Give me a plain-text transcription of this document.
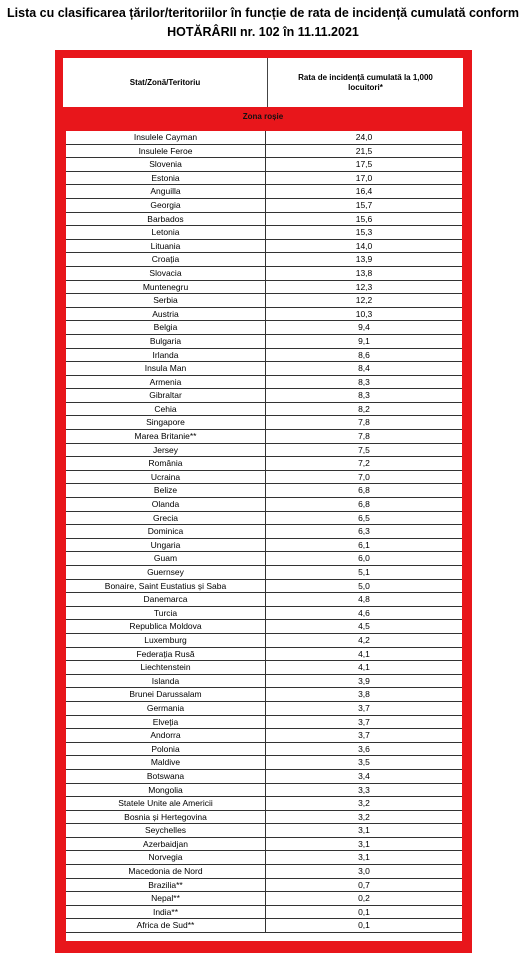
Lista cu clasificarea țărilor/teritoriilor în funcție de rata de incidență cumulată conform
HOTĂRÂRII nr. 102 în 11.11.2021
Stat/Zonă/Teritoriu
Rata de incidență cumulată la 1,000 locuitori*
Zona roșie
Insulele Cayman	24,0
Insulele Feroe	21,5
Slovenia	17,5
Estonia	17,0
Anguilla	16,4
Georgia	15,7
Barbados	15,6
Letonia	15,3
Lituania	14,0
Croația	13,9
Slovacia	13,8
Muntenegru	12,3
Serbia	12,2
Austria	10,3
Belgia	9,4
Bulgaria	9,1
Irlanda	8,6
Insula Man	8,4
Armenia	8,3
Gibraltar	8,3
Cehia	8,2
Singapore	7,8
Marea Britanie**	7,8
Jersey	7,5
România	7,2
Ucraina	7,0
Belize	6,8
Olanda	6,8
Grecia	6,5
Dominica	6,3
Ungaria	6,1
Guam	6,0
Guernsey	5,1
Bonaire, Saint Eustatius și Saba	5,0
Danemarca	4,8
Turcia	4,6
Republica Moldova	4,5
Luxemburg	4,2
Federația Rusă	4,1
Liechtenstein	4,1
Islanda	3,9
Brunei Darussalam	3,8
Germania	3,7
Elveția	3,7
Andorra	3,7
Polonia	3,6
Maldive	3,5
Botswana	3,4
Mongolia	3,3
Statele Unite ale Americii	3,2
Bosnia și Hertegovina	3,2
Seychelles	3,1
Azerbaidjan	3,1
Norvegia	3,1
Macedonia de Nord	3,0
Brazilia**	0,7
Nepal**	0,2
India**	0,1
Africa de Sud**	0,1
